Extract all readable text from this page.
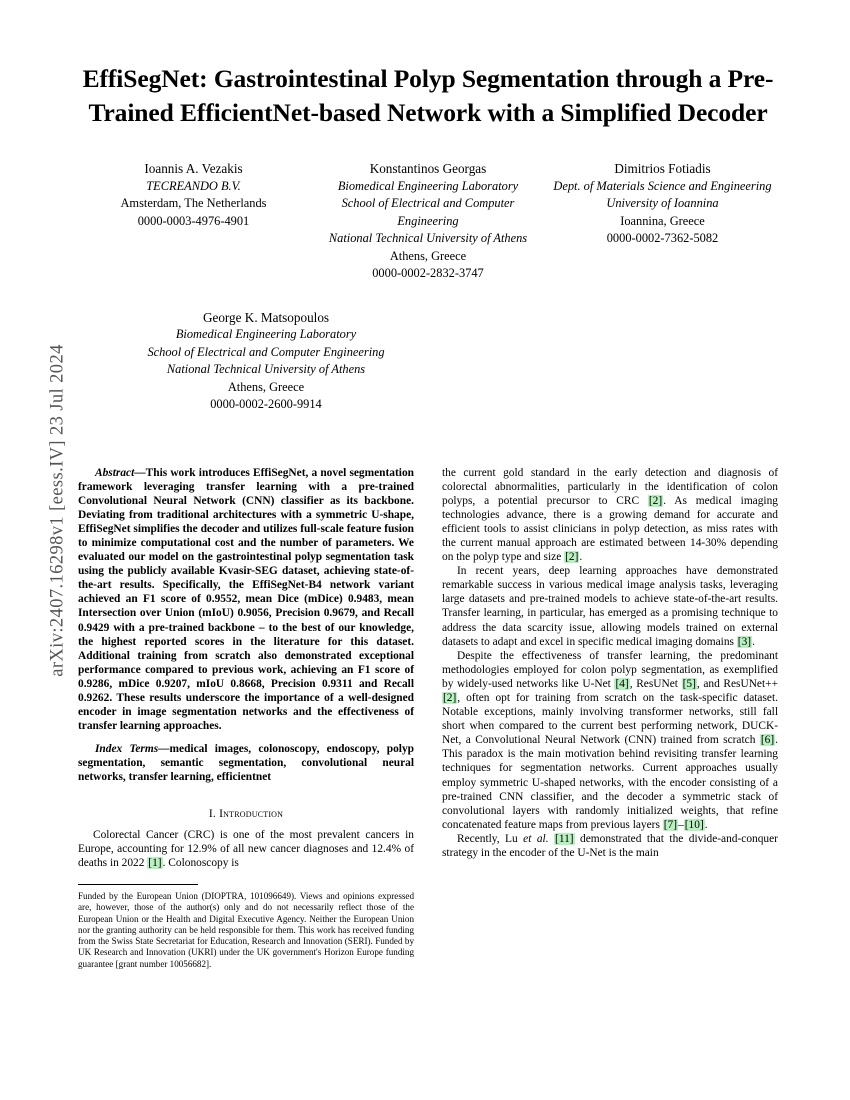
arXiv:2407.16298v1 [eess.IV] 23 Jul 2024
EffiSegNet: Gastrointestinal Polyp Segmentation through a Pre-Trained EfficientNet-based Network with a Simplified Decoder
Ioannis A. Vezakis
TECREANDO B.V.
Amsterdam, The Netherlands
0000-0003-4976-4901
Konstantinos Georgas
Biomedical Engineering Laboratory
School of Electrical and Computer Engineering
National Technical University of Athens
Athens, Greece
0000-0002-2832-3747
Dimitrios Fotiadis
Dept. of Materials Science and Engineering
University of Ioannina
Ioannina, Greece
0000-0002-7362-5082
George K. Matsopoulos
Biomedical Engineering Laboratory
School of Electrical and Computer Engineering
National Technical University of Athens
Athens, Greece
0000-0002-2600-9914
Abstract—This work introduces EffiSegNet, a novel segmentation framework leveraging transfer learning with a pre-trained Convolutional Neural Network (CNN) classifier as its backbone. Deviating from traditional architectures with a symmetric U-shape, EffiSegNet simplifies the decoder and utilizes full-scale feature fusion to minimize computational cost and the number of parameters. We evaluated our model on the gastrointestinal polyp segmentation task using the publicly available Kvasir-SEG dataset, achieving state-of-the-art results. Specifically, the EffiSegNet-B4 network variant achieved an F1 score of 0.9552, mean Dice (mDice) 0.9483, mean Intersection over Union (mIoU) 0.9056, Precision 0.9679, and Recall 0.9429 with a pre-trained backbone – to the best of our knowledge, the highest reported scores in the literature for this dataset. Additional training from scratch also demonstrated exceptional performance compared to previous work, achieving an F1 score of 0.9286, mDice 0.9207, mIoU 0.8668, Precision 0.9311 and Recall 0.9262. These results underscore the importance of a well-designed encoder in image segmentation networks and the effectiveness of transfer learning approaches.
Index Terms—medical images, colonoscopy, endoscopy, polyp segmentation, semantic segmentation, convolutional neural networks, transfer learning, efficientnet
I. Introduction

Colorectal Cancer (CRC) is one of the most prevalent cancers in Europe, accounting for 12.9% of all new cancer diagnoses and 12.4% of deaths in 2022 [1]. Colonoscopy is

Funded by the European Union (DIOPTRA, 101096649). Views and opinions expressed are, however, those of the author(s) only and do not necessarily reflect those of the European Union or the Health and Digital Executive Agency. Neither the European Union nor the granting authority can be held responsible for them. This work has received funding from the Swiss State Secretariat for Education, Research and Innovation (SERI). Funded by UK Research and Innovation (UKRI) under the UK government's Horizon Europe funding guarantee [grant number 10056682].

the current gold standard in the early detection and diagnosis of colorectal abnormalities, particularly in the identification of colon polyps, a potential precursor to CRC [2]. As medical imaging technologies advance, there is a growing demand for accurate and efficient tools to assist clinicians in polyp detection, as miss rates with the current manual approach are estimated between 14-30% depending on the polyp type and size [2].

In recent years, deep learning approaches have demonstrated remarkable success in various medical image analysis tasks, leveraging large datasets and pre-trained models to achieve state-of-the-art results. Transfer learning, in particular, has emerged as a promising technique to address the data scarcity issue, allowing models trained on external datasets to adapt and excel in specific medical imaging domains [3].

Despite the effectiveness of transfer learning, the predominant methodologies employed for colon polyp segmentation, as exemplified by widely-used networks like U-Net [4], ResUNet [5], and ResUNet++ [2], often opt for training from scratch on the task-specific dataset. Notable exceptions, mainly involving transformer networks, still fall short when compared to the current best performing network, DUCK-Net, a Convolutional Neural Network (CNN) trained from scratch [6]. This paradox is the main motivation behind revisiting transfer learning techniques for segmentation networks. Current approaches usually employ symmetric U-shaped networks, with the encoder consisting of a pre-trained CNN classifier, and the decoder a symmetric stack of convolutional layers with randomly initialized weights, that refine concatenated feature maps from previous layers [7]–[10].

Recently, Lu et al. [11] demonstrated that the divide-and-conquer strategy in the encoder of the U-Net is the main
